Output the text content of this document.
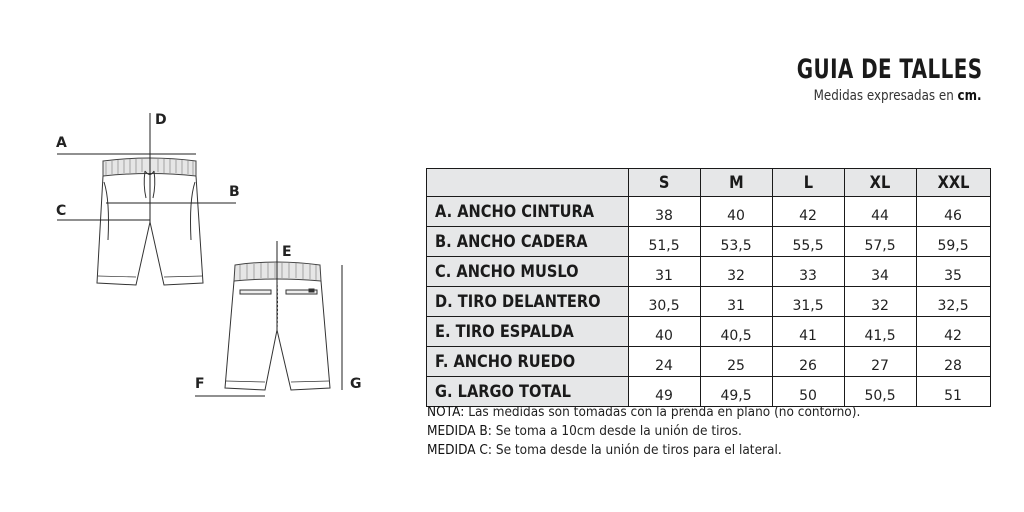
GUIA DE TALLES
Medidas expresadas en cm.
A
D
B
C
E
F	G
	S	M	L	XL	XXL
A. ANCHO CINTURA	38	40	42	44	46
B. ANCHO CADERA	51,5	53,5	55,5	57,5	59,5
C. ANCHO MUSLO	31	32	33	34	35
D. TIRO DELANTERO	30,5	31	31,5	32	32,5
E. TIRO ESPALDA	40	40,5	41	41,5	42
F. ANCHO RUEDO	24	25	26	27	28
G. LARGO TOTAL	49	49,5	50	50,5	51
NOTA: Las medidas son tomadas con la prenda en plano (no contorno).
MEDIDA B: Se toma a 10cm desde la unión de tiros.
MEDIDA C: Se toma desde la unión de tiros para el lateral.
